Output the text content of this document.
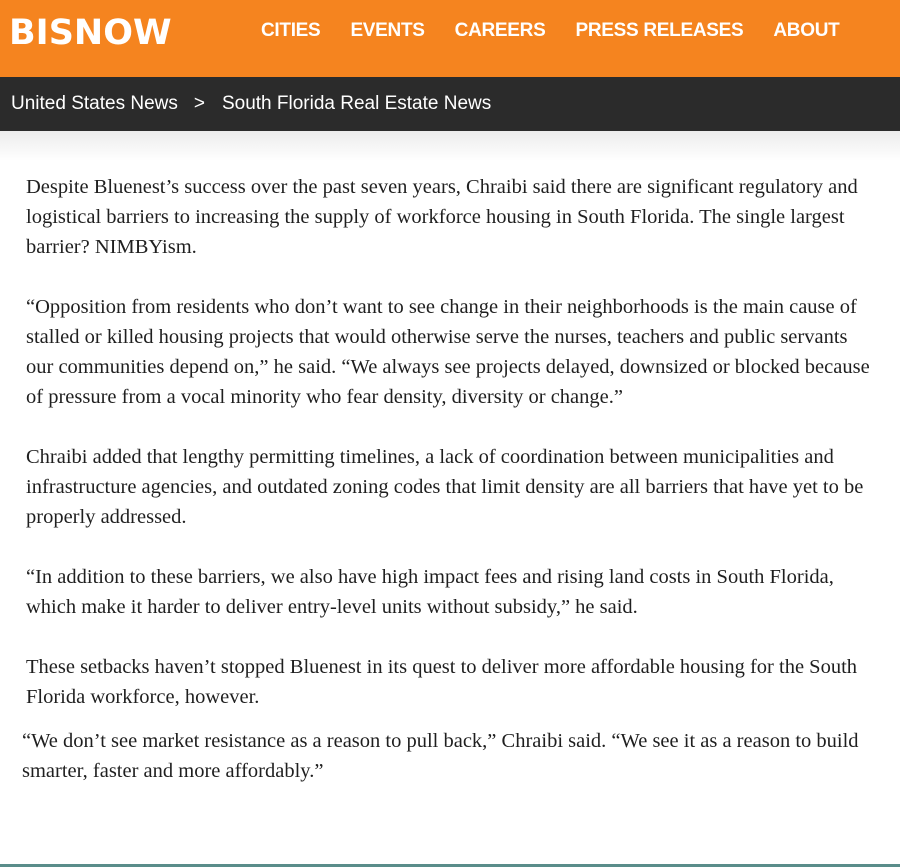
BISNOW	CITIES EVENTS CAREERS PRESS RELEASES ABOUT
United States News > South Florida Real Estate News

Despite Bluenest’s success over the past seven years, Chraibi said there are significant regulatory and logistical barriers to increasing the supply of workforce housing in South Florida. The single largest barrier? NIMBYism.

“Opposition from residents who don’t want to see change in their neighborhoods is the main cause of stalled or killed housing projects that would otherwise serve the nurses, teachers and public servants our communities depend on,” he said. “We always see projects delayed, downsized or blocked because of pressure from a vocal minority who fear density, diversity or change.”

Chraibi added that lengthy permitting timelines, a lack of coordination between municipalities and infrastructure agencies, and outdated zoning codes that limit density are all barriers that have yet to be properly addressed.

“In addition to these barriers, we also have high impact fees and rising land costs in South Florida, which make it harder to deliver entry-level units without subsidy,” he said.

These setbacks haven’t stopped Bluenest in its quest to deliver more affordable housing for the South Florida workforce, however.

“We don’t see market resistance as a reason to pull back,” Chraibi said. “We see it as a reason to build smarter, faster and more affordably.”
